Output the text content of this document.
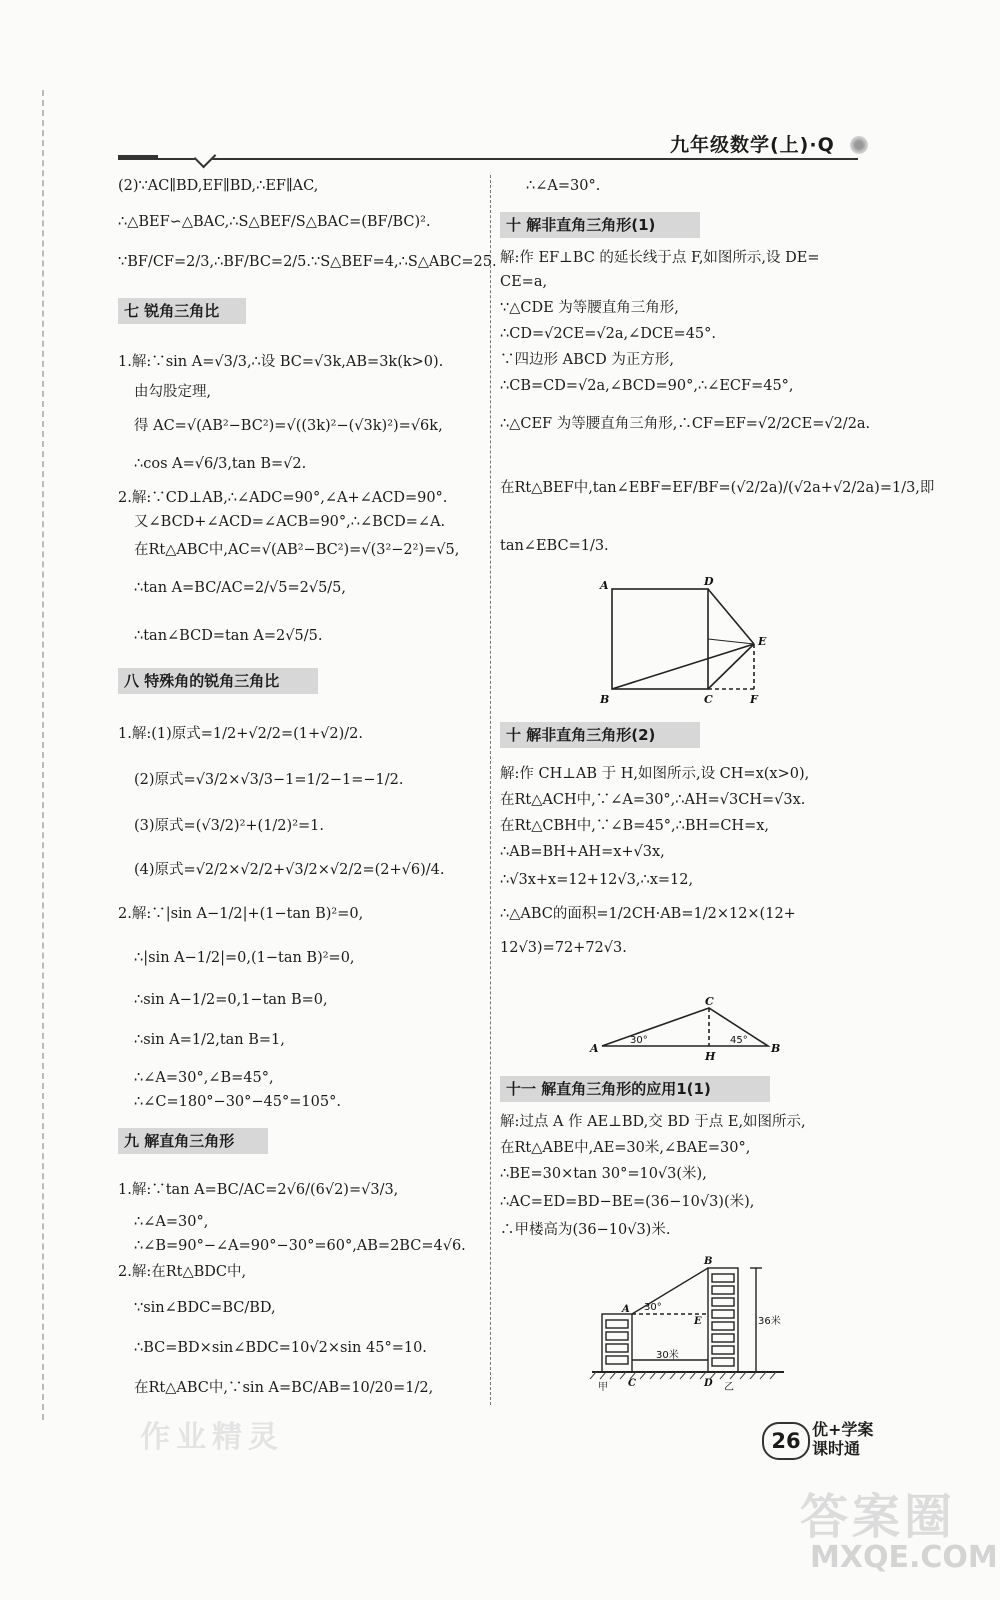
九年级数学(上)·Q
(2)∵AC∥BD,EF∥BD,∴EF∥AC,
∴△BEF∽△BAC,∴S△BEF/S△BAC=(BF/BC)².
∵BF/CF=2/3,∴BF/BC=2/5.∵S△BEF=4,∴S△ABC=25.
七 锐角三角比
1.解:∵sin A=√3/3,∴设 BC=√3k,AB=3k(k>0).
由勾股定理,
得 AC=√(AB²−BC²)=√((3k)²−(√3k)²)=√6k,
∴cos A=√6/3,tan B=√2.
2.解:∵CD⊥AB,∴∠ADC=90°,∠A+∠ACD=90°.
又∠BCD+∠ACD=∠ACB=90°,∴∠BCD=∠A.
在Rt△ABC中,AC=√(AB²−BC²)=√(3²−2²)=√5,
∴tan A=BC/AC=2/√5=2√5/5,
∴tan∠BCD=tan A=2√5/5.
八 特殊角的锐角三角比
1.解:(1)原式=1/2+√2/2=(1+√2)/2.
(2)原式=√3/2×√3/3−1=1/2−1=−1/2.
(3)原式=(√3/2)²+(1/2)²=1.
(4)原式=√2/2×√2/2+√3/2×√2/2=(2+√6)/4.
2.解:∵|sin A−1/2|+(1−tan B)²=0,
∴|sin A−1/2|=0,(1−tan B)²=0,
∴sin A−1/2=0,1−tan B=0,
∴sin A=1/2,tan B=1,
∴∠A=30°,∠B=45°,
∴∠C=180°−30°−45°=105°.
九 解直角三角形
1.解:∵tan A=BC/AC=2√6/(6√2)=√3/3,
∴∠A=30°,
∴∠B=90°−∠A=90°−30°=60°,AB=2BC=4√6.
2.解:在Rt△BDC中,
∵sin∠BDC=BC/BD,
∴BC=BD×sin∠BDC=10√2×sin 45°=10.
在Rt△ABC中,∵sin A=BC/AB=10/20=1/2,
∴∠A=30°.
十 解非直角三角形(1)
解:作 EF⊥BC 的延长线于点 F,如图所示,设 DE=
CE=a,
∵△CDE 为等腰直角三角形,
∴CD=√2CE=√2a,∠DCE=45°.
∵四边形 ABCD 为正方形,
∴CB=CD=√2a,∠BCD=90°,∴∠ECF=45°,
∴△CEF 为等腰直角三角形,∴CF=EF=√2/2CE=√2/2a.
在Rt△BEF中,tan∠EBF=EF/BF=(√2/2a)/(√2a+√2/2a)=1/3,即
tan∠EBC=1/3.
十 解非直角三角形(2)
解:作 CH⊥AB 于 H,如图所示,设 CH=x(x>0),
在Rt△ACH中,∵∠A=30°,∴AH=√3CH=√3x.
在Rt△CBH中,∵∠B=45°,∴BH=CH=x,
∴AB=BH+AH=x+√3x,
∴√3x+x=12+12√3,∴x=12,
∴△ABC的面积=1/2CH·AB=1/2×12×(12+
12√3)=72+72√3.
十一 解直角三角形的应用1(1)
解:过点 A 作 AE⊥BD,交 BD 于点 E,如图所示,
在Rt△ABE中,AE=30米,∠BAE=30°,
∴BE=30×tan 30°=10√3(米),
∴AC=ED=BD−BE=(36−10√3)(米),
∴甲楼高为(36−10√3)米.
A	D
B	C
E
F
C
A
H
B
30°	45°
B
A
E
C	D
30°
36米
30米
甲	乙
作业精灵	26 优+学案
课时通
答案圈
MXQE.COM
